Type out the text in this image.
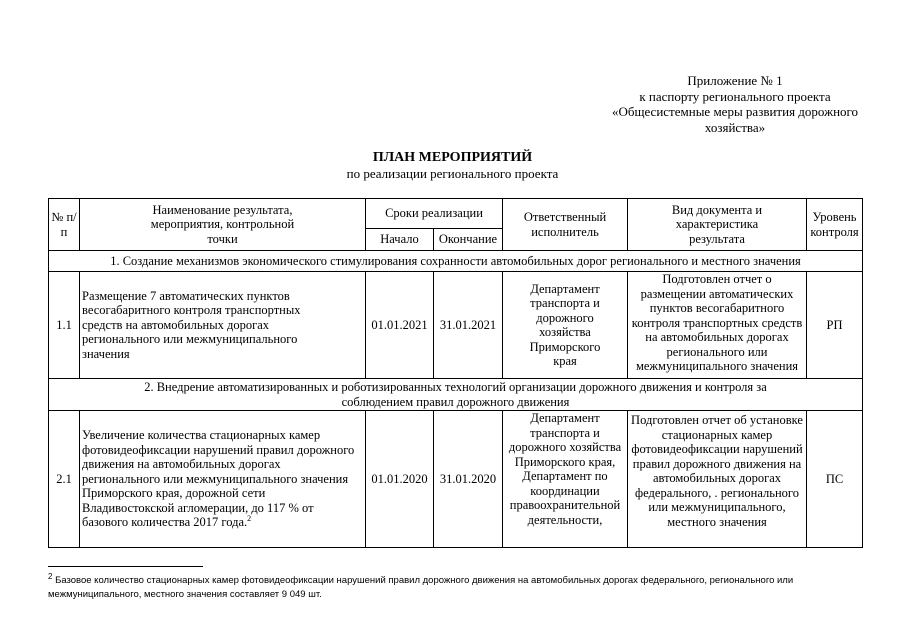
Приложение № 1
к паспорту регионального проекта
«Общесистемные меры развития дорожного хозяйства»
ПЛАН МЕРОПРИЯТИЙ
по реализации регионального проекта
№ п/п	Наименование результата, мероприятия, контрольной точки	Сроки реализации		Ответственный исполнитель	Вид документа и характеристика результата	Уровень контроля
		Начало	Окончание			
1. Создание механизмов экономического стимулирования сохранности автомобильных дорог регионального и местного значения						
1.1	Размещение 7 автоматических пунктов весогабаритного контроля транспортных средств на автомобильных дорогах регионального или межмуниципального значения	01.01.2021	31.01.2021	Департамент транспорта и дорожного хозяйства Приморского края	Подготовлен отчет о размещении автоматических пунктов весогабаритного контроля транспортных средств на автомобильных дорогах регионального или межмуниципального значения	РП

2. Внедрение автоматизированных и роботизированных технологий организации дорожного движения и контроля за соблюдением правил дорожного движения						

2.1	Увеличение количества стационарных камер фотовидеофиксации нарушений правил дорожного движения на автомобильных дорогах регионального или межмуниципального значения Приморского края, дорожной сети Владивостокской агломерации, до 117 % от базового количества 2017 года.$^2$	01.01.2020	31.01.2020	Департамент транспорта и дорожного хозяйства Приморского края, Департамент по координации правоохранительной деятельности,	Подготовлен отчет об установке стационарных камер фотовидеофиксации нарушений правил дорожного движения на автомобильных дорогах федерального, . регионального или межмуниципального, местного значения	ПС
$^2$ Базовое количество стационарных камер фотовидеофиксации нарушений правил дорожного движения на автомобильных дорогах федерального, регионального или межмуниципального, местного значения составляет 9 049 шт.
